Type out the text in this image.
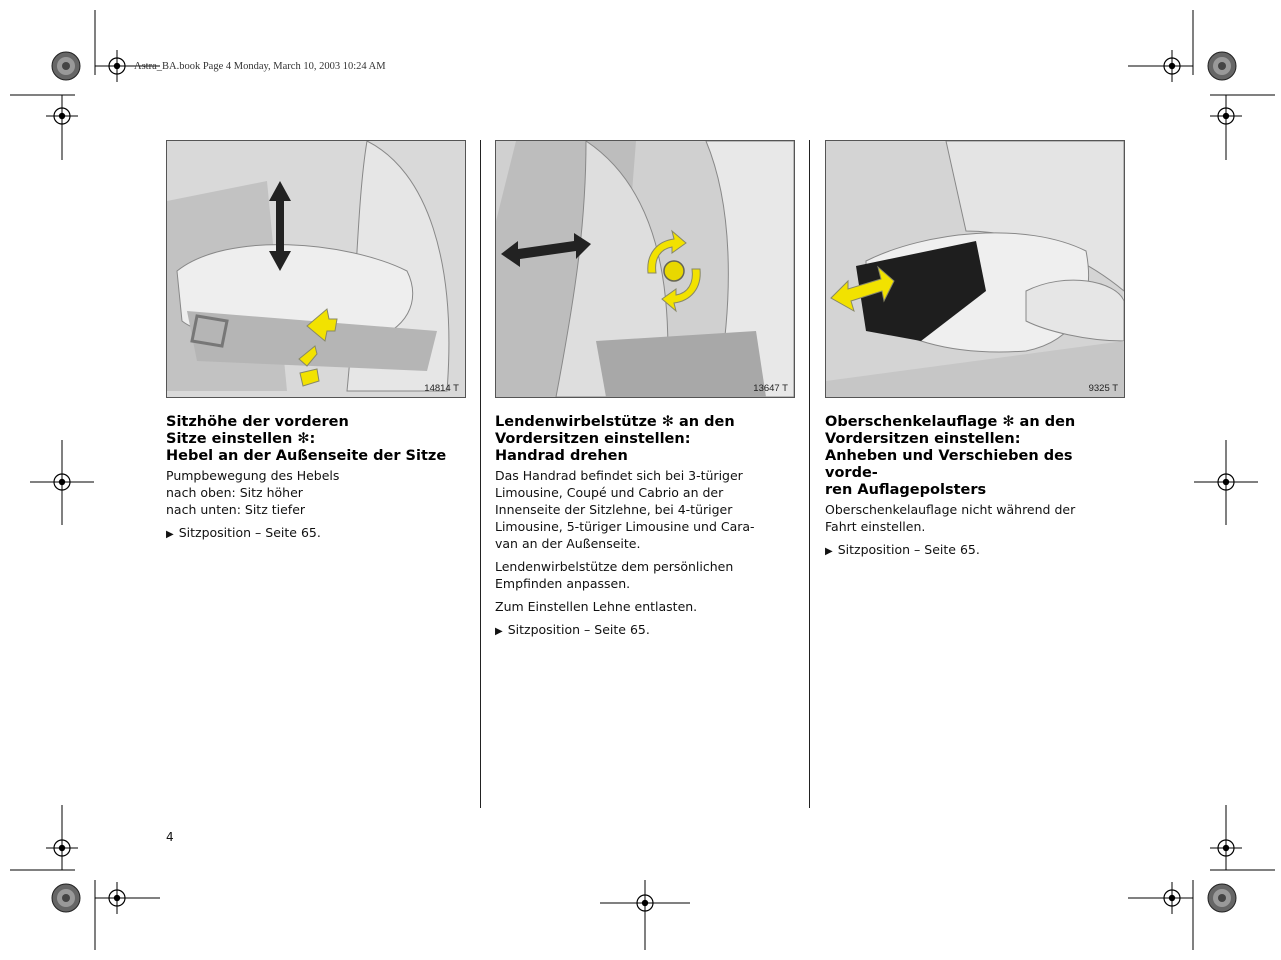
Astra_BA.book Page 4 Monday, March 10, 2003 10:24 AM
14814 T
Sitzhöhe der vorderen
Sitze einstellen ✻:
Hebel an der Außenseite der Sitze
Pumpbewegung des Hebels
nach oben: Sitz höher
nach unten: Sitz tiefer
▶ Sitzposition – Seite 65.
13647 T
Lendenwirbelstütze ✻ an den
Vordersitzen einstellen:
Handrad drehen
Das Handrad befindet sich bei 3-türiger
Limousine, Coupé und Cabrio an der
Innenseite der Sitzlehne, bei 4-türiger
Limousine, 5-türiger Limousine und Cara-
van an der Außenseite.
Lendenwirbelstütze dem persönlichen
Empfinden anpassen.
Zum Einstellen Lehne entlasten.
▶ Sitzposition – Seite 65.
9325 T
Oberschenkelauflage ✻ an den
Vordersitzen einstellen:
Anheben und Verschieben des vorde-
ren Auflagepolsters
Oberschenkelauflage nicht während der
Fahrt einstellen.
▶ Sitzposition – Seite 65.
4
